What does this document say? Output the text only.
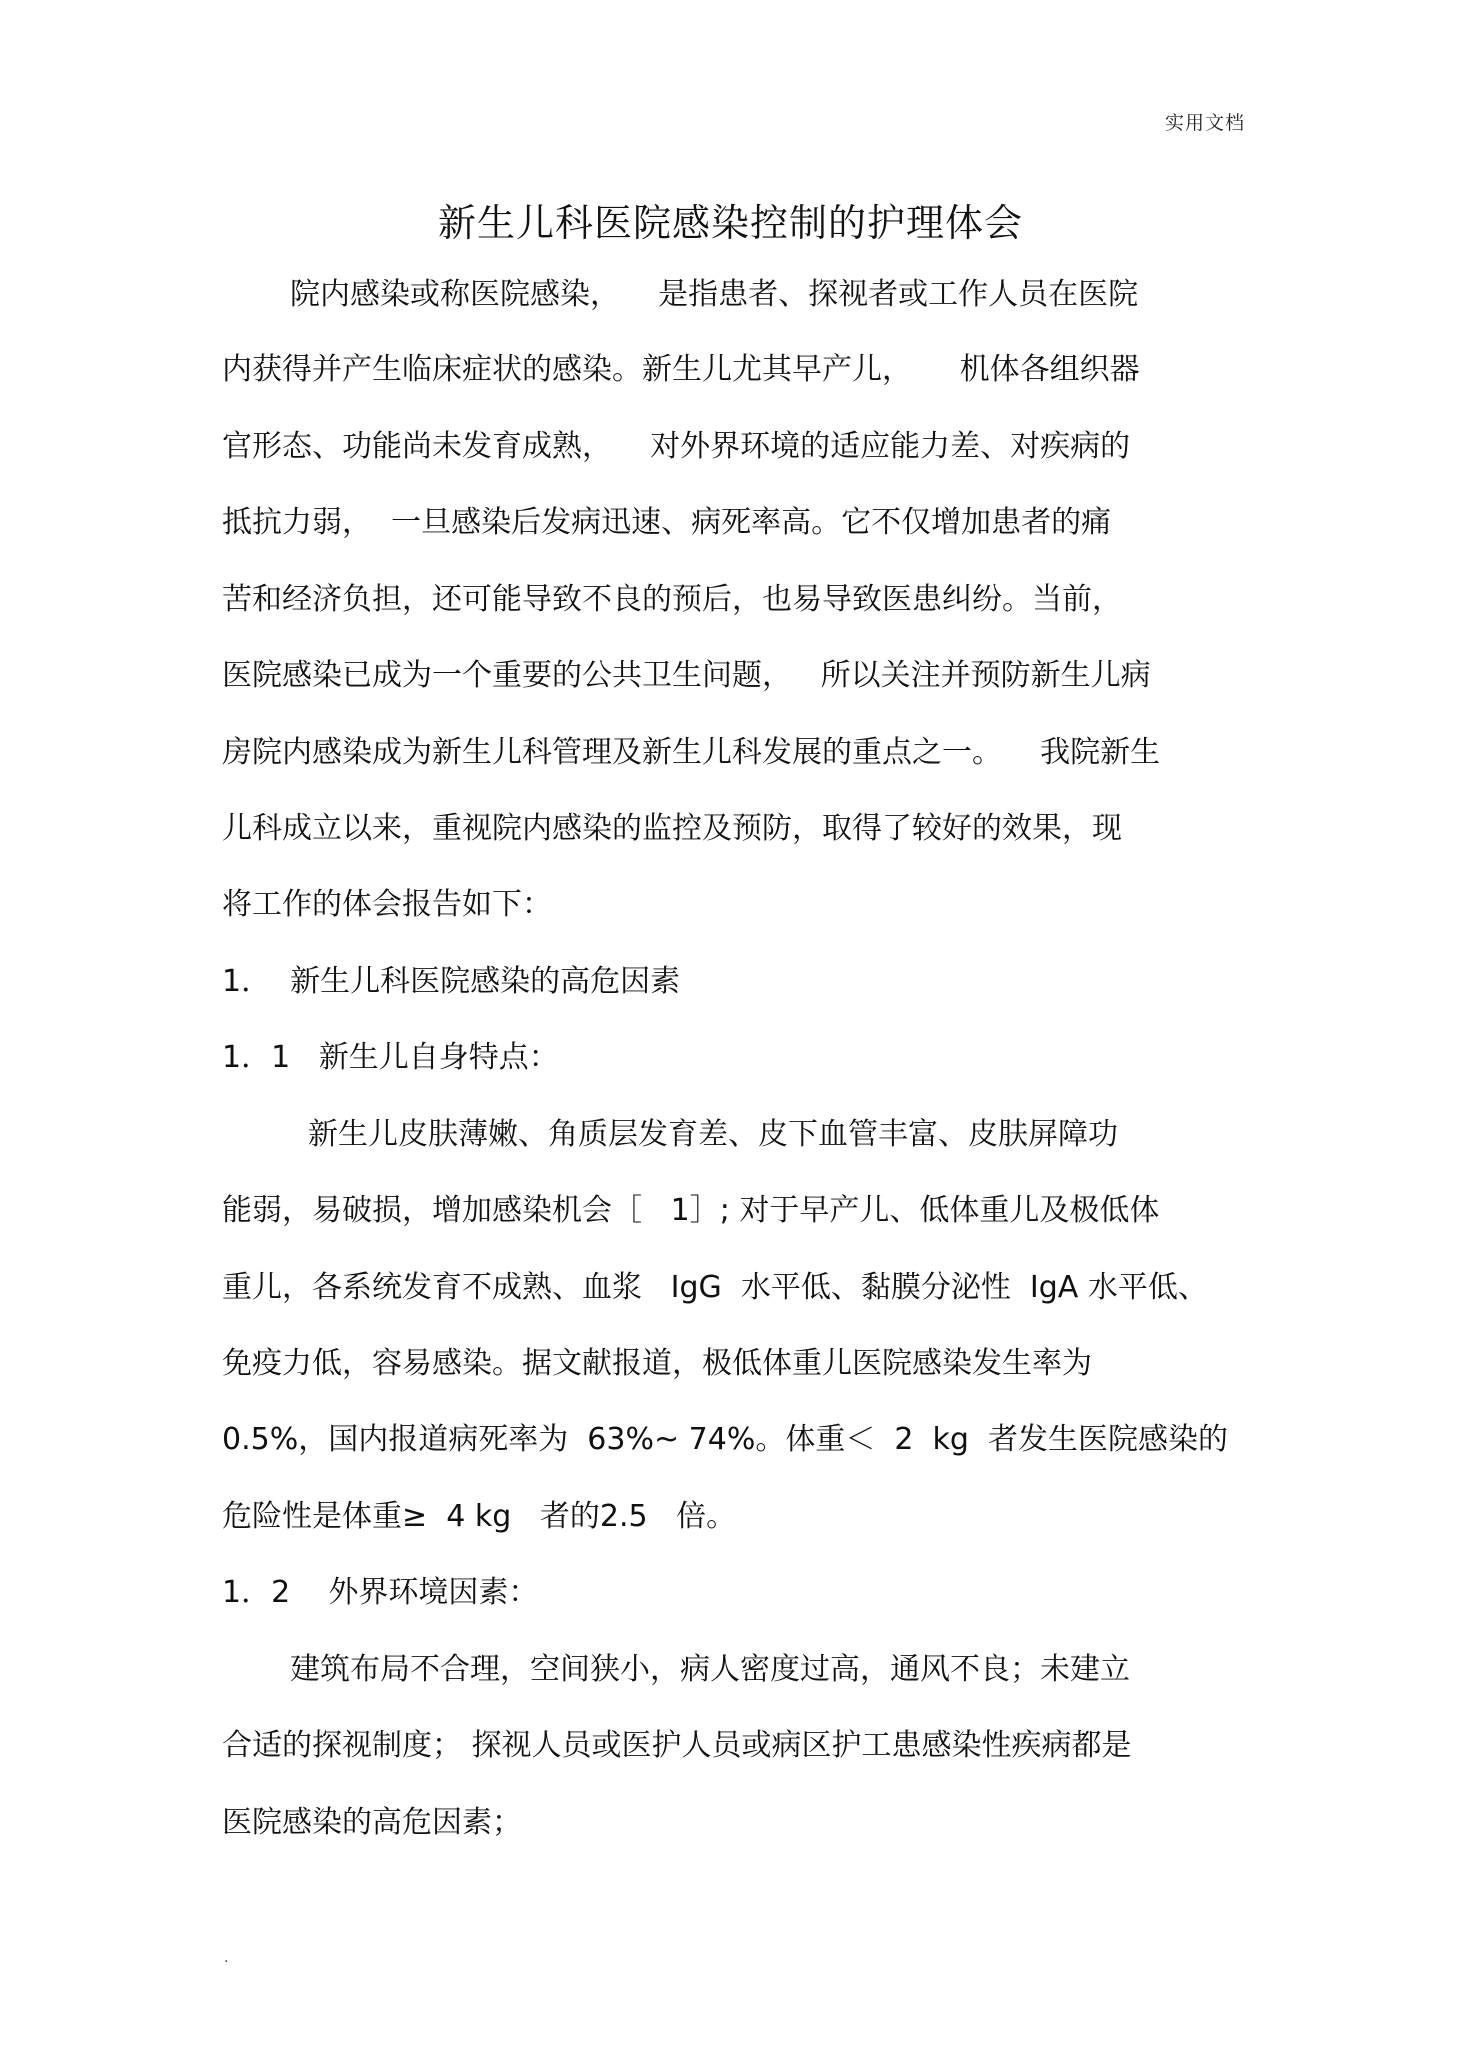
实用文档
新生儿科医院感染控制的护理体会
院内感染或称医院感染，    是指患者、探视者或工作人员在医院
内获得并产生临床症状的感染。新生儿尤其早产儿，     机体各组织器
官形态、功能尚未发育成熟，    对外界环境的适应能力差、对疾病的
抵抗力弱，  一旦感染后发病迅速、病死率高。它不仅增加患者的痛
苦和经济负担，还可能导致不良的预后，也易导致医患纠纷。当前，
医院感染已成为一个重要的公共卫生问题，   所以关注并预防新生儿病
房院内感染成为新生儿科管理及新生儿科发展的重点之一。    我院新生
儿科成立以来，重视院内感染的监控及预防，取得了较好的效果，现
将工作的体会报告如下：
1．  新生儿科医院感染的高危因素
1．1   新生儿自身特点：
新生儿皮肤薄嫩、角质层发育差、皮下血管丰富、皮肤屏障功
能弱，易破损，增加感染机会［   1］; 对于早产儿、低体重儿及极低体
重儿，各系统发育不成熟、血浆   IgG  水平低、黏膜分泌性  IgA 水平低、
免疫力低，容易感染。据文献报道，极低体重儿医院感染发生率为
0.5%，国内报道病死率为  63%~ 74%。体重＜  2  kg  者发生医院感染的
危险性是体重≥  4 kg   者的2.5   倍。
1．2    外界环境因素：
建筑布局不合理，空间狭小，病人密度过高，通风不良；未建立
合适的探视制度； 探视人员或医护人员或病区护工患感染性疾病都是
医院感染的高危因素；
.
